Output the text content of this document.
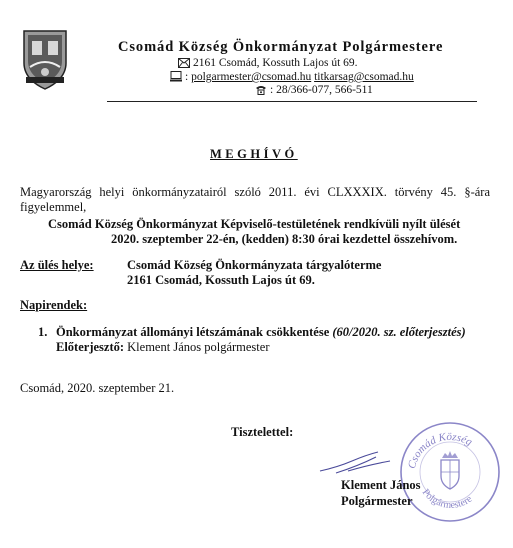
Csomád Község Önkormányzat Polgármestere
2161 Csomád, Kossuth Lajos út 69.
: polgarmester@csomad.hu titkarsag@csomad.hu
: 28/366-077, 566-511
MEGHÍVÓ
Magyarország helyi önkormányzatairól szóló 2011. évi CLXXXIX. törvény 45. §-ára
figyelemmel,
Csomád Község Önkormányzat Képviselő-testületének rendkívüli nyílt ülését
2020. szeptember 22-én, (kedden) 8:30 órai kezdettel összehívom.
Az ülés helye:	Csomád Község Önkormányzata tárgyalóterme
2161 Csomád, Kossuth Lajos út 69.
Napirendek:
1. Önkormányzat állományi létszámának csökkentése (60/2020. sz. előterjesztés)
Előterjesztő: Klement János polgármester
Csomád, 2020. szeptember 21.
Tisztelettel:
Csomád Község
Polgármestere
Klement János
Polgármester
